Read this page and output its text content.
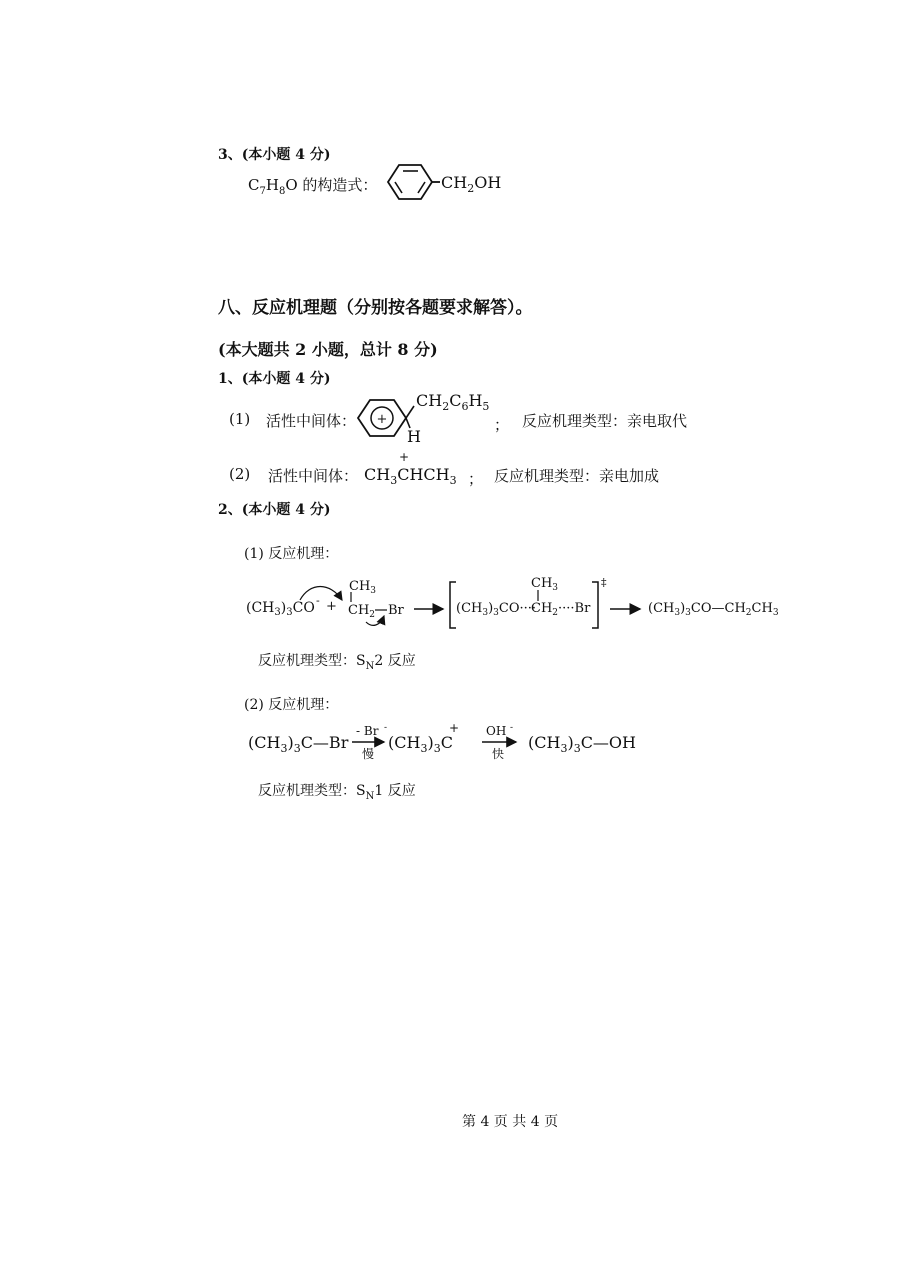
3、(本小题 4 分)
$C_7H_8O$ 的构造式：	$CH_2OH$
八、反应机理题（分别按各题要求解答）。
(本大题共 2 小题，总计 8 分)
1、(本小题 4 分)
(1) 活性中间体： +
$CH_2C_6H_5$
H
； 反应机理类型：亲电取代
(2) 活性中间体：
+
$CH_3CHCH_3$ ； 反应机理类型：亲电加成
2、(本小题 4 分)
(1) 反应机理：
$(CH_3)_3CO$ - +
$CH_3$
$CH_2$ Br	$(CH_3)_3CO\cdot\cdot\cdot\cdot$
$CH_3$
$CH_2\cdot\cdot\cdot\cdot Br$
‡
$(CH_3)_3CO—CH_2CH_3$
反应机理类型：$S_N2$ 反应
(2) 反应机理：
$(CH_3)_3C—Br$
- Br -
慢
+
$(CH_3)_3C$
OH -
快
$(CH_3)_3C—OH$
反应机理类型：$S_N1$ 反应
第 4 页 共 4 页
